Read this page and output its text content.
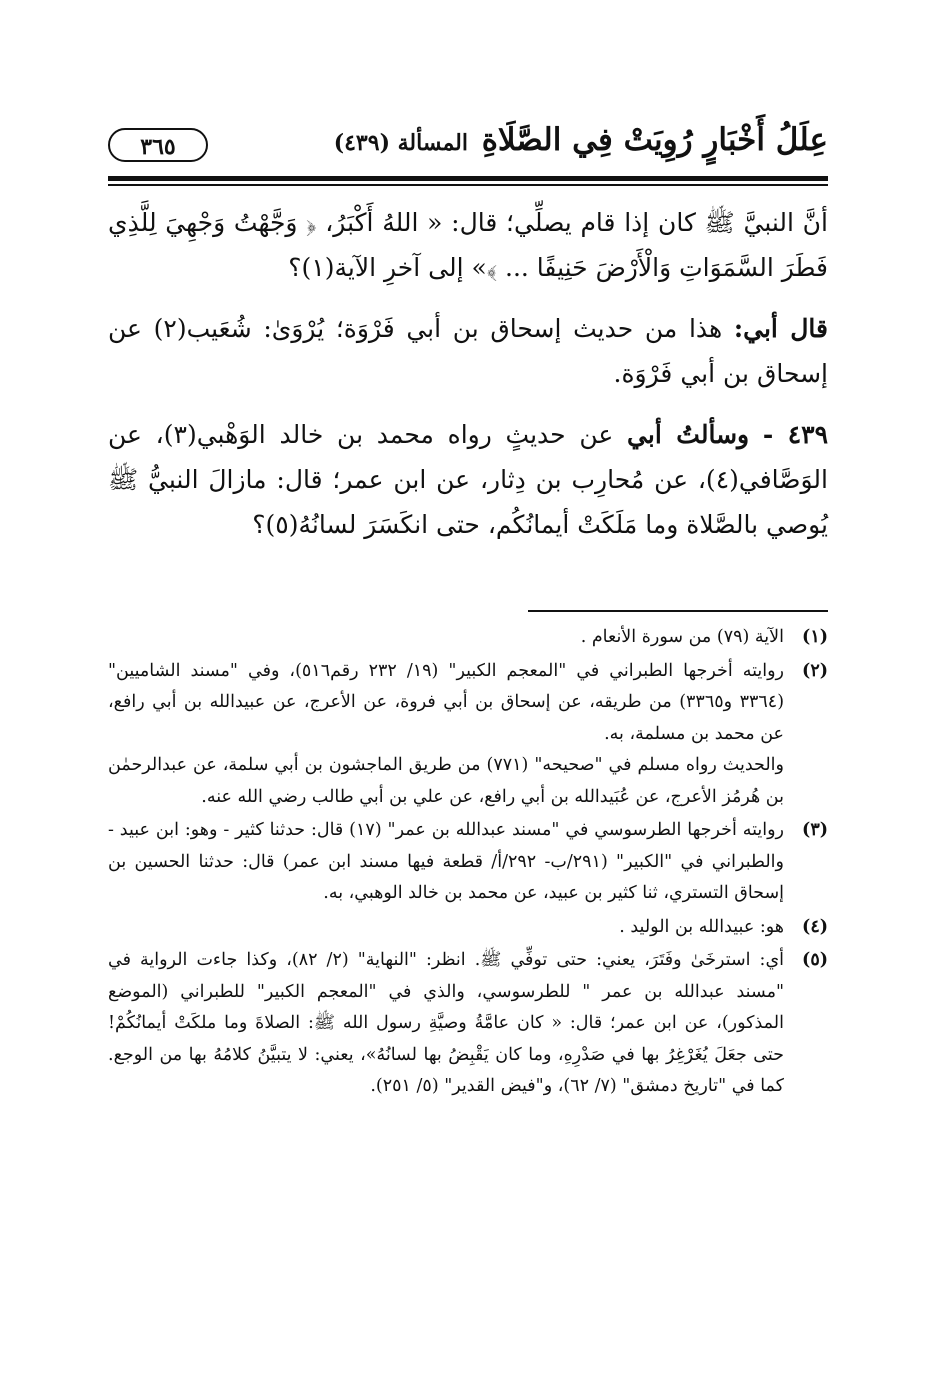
عِلَلُ أَخْبَارٍ رُوِيَتْ فِي الصَّلَاةِ
المسألة (٤٣٩)
٣٦٥

أنَّ النبيَّ ﷺ كان إذا قام يصلِّي؛ قال: « اللهُ أَكْبَرُ، ﴿ وَجَّهْتُ وَجْهِيَ لِلَّذِي فَطَرَ السَّمَوَاتِ وَالْأَرْضَ حَنِيفًا ... ﴾» إلى آخرِ الآية(١)؟

قال أبي: هذا من حديث إسحاق بن أبي فَرْوَة؛ يُرْوَىٰ: شُعَيب(٢) عن إسحاق بن أبي فَرْوَة.

٤٣٩ - وسألتُ أبي عن حديثٍ رواه محمد بن خالد الوَهْبي(٣)، عن الوَصَّافي(٤)، عن مُحارِب بن دِثار، عن ابن عمر؛ قال: مازالَ النبيُّ ﷺ يُوصي بالصَّلاة وما مَلَكَتْ أيمانُكُم، حتى انكَسَرَ لسانُهُ(٥)؟

(١)

الآية (٧٩) من سورة الأنعام .

(٢)

روايته أخرجها الطبراني في "المعجم الكبير" (١٩/ ٢٣٢ رقم٥١٦)، وفي "مسند الشاميين" (٣٣٦٤ و٣٣٦٥) من طريقه، عن إسحاق بن أبي فروة، عن الأعرج، عن عبيدالله بن أبي رافع، عن محمد بن مسلمة، به.

والحديث رواه مسلم في "صحيحه" (٧٧١) من طريق الماجشون بن أبي سلمة، عن عبدالرحمٰن بن هُرمُز الأعرج، عن عُبَيدالله بن أبي رافع، عن علي بن أبي طالب رضي الله عنه.

(٣)

روايته أخرجها الطرسوسي في "مسند عبدالله بن عمر" (١٧) قال: حدثنا كثير - وهو: ابن عبيد - والطبراني في "الكبير" (٢٩١/ب- ٢٩٢/أ/ قطعة فيها مسند ابن عمر) قال: حدثنا الحسين بن إسحاق التستري، ثنا كثير بن عبيد، عن محمد بن خالد الوهبي، به.

(٤)

هو: عبيدالله بن الوليد .

(٥)

أي: استرخَىٰ وفَتَرَ، يعني: حتى توفِّي ﷺ. انظر: "النهاية" (٢/ ٨٢)، وكذا جاءت الرواية في "مسند عبدالله بن عمر " للطرسوسي، والذي في "المعجم الكبير" للطبراني (الموضع المذكور)، عن ابن عمر؛ قال: « كان عامَّةُ وصيَّةِ رسول الله ﷺ: الصلاةَ وما ملكَتْ أيمانُكُمْ! حتى جعَلَ يُغَرْغِرُ بها في صَدْرِهِ، وما كان يَقْبِضُ بها لسانُهُ»، يعني: لا يتبيَّنُ كلامُهُ بها من الوجع. كما في "تاريخ دمشق" (٧/ ٦٢)، و"فيض القدير" (٥/ ٢٥١).
